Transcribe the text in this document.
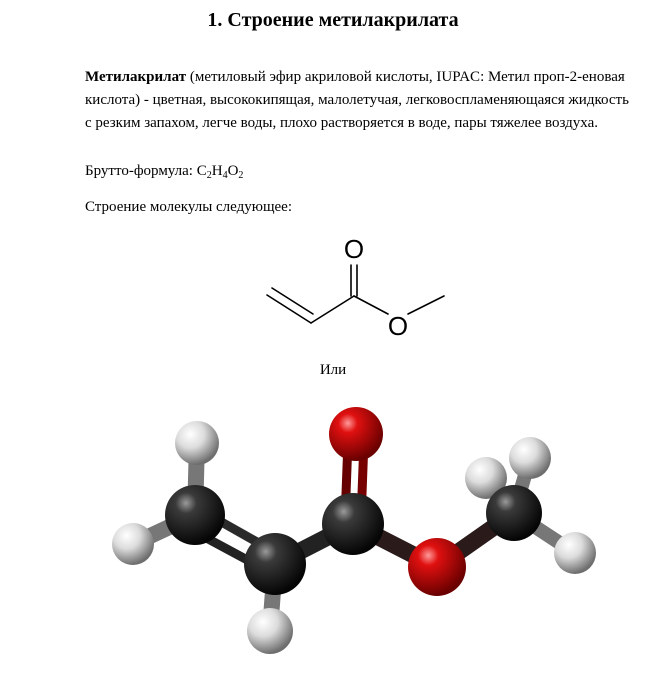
1. Строение метилакрилата
Метилакрилат (метиловый эфир акриловой кислоты, IUPAC: Метил проп-2-еновая кислота) - цветная, высококипящая, малолетучая, легковоспламеняющаяся жидкость с резким запахом, легче воды, плохо растворяется в воде, пары тяжелее воздуха.
Брутто-формула: $C_2H_4O_2$
Строение молекулы следующее:
O
O
Или
